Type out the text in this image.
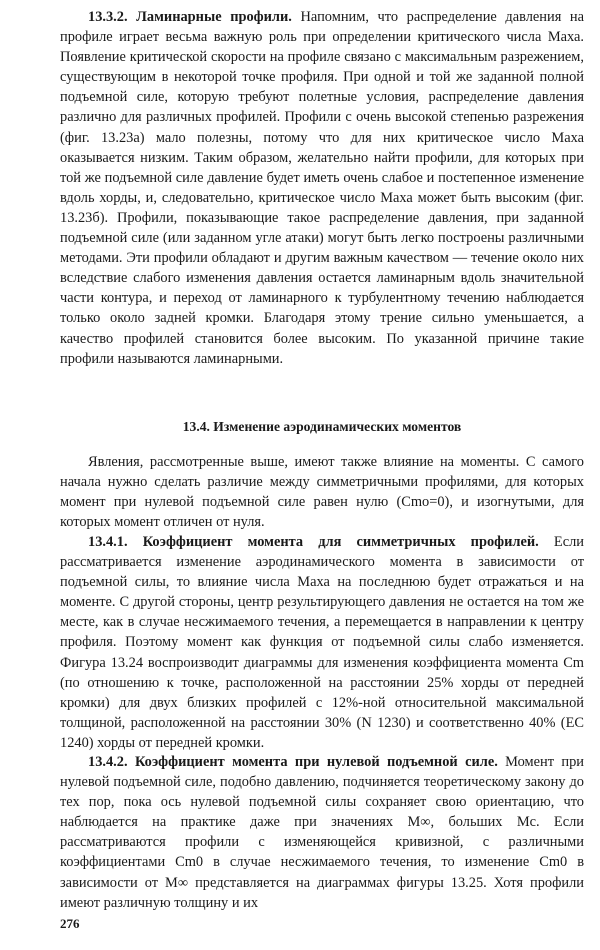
13.3.2. Ламинарные профили. Напомним, что распределение давления на профиле играет весьма важную роль при определении критического числа Маха. Появление критической скорости на профиле связано с максимальным разрежением, существующим в некоторой точке профиля. При одной и той же заданной полной подъемной силе, которую требуют полетные условия, распределение давления различно для различных профилей. Профили с очень высокой степенью разрежения (фиг. 13.23а) мало полезны, потому что для них критическое число Маха оказывается низким. Таким образом, желательно найти профили, для которых при той же подъемной силе давление будет иметь очень слабое и постепенное изменение вдоль хорды, и, следовательно, критическое число Маха может быть высоким (фиг. 13.23б). Профили, показывающие такое распределение давления, при заданной подъемной силе (или заданном угле атаки) могут быть легко построены различными методами. Эти профили обладают и другим важным качеством — течение около них вследствие слабого изменения давления остается ламинарным вдоль значительной части контура, и переход от ламинарного к турбулентному течению наблюдается только около задней кромки. Благодаря этому трение сильно уменьшается, а качество профилей становится более высоким. По указанной причине такие профили называются ламинарными.

13.4. Изменение аэродинамических моментов

Явления, рассмотренные выше, имеют также влияние на моменты. С самого начала нужно сделать различие между симметричными профилями, для которых момент при нулевой подъемной силе равен нулю (Cmo=0), и изогнутыми, для которых момент отличен от нуля.

13.4.1. Коэффициент момента для симметричных профилей. Если рассматривается изменение аэродинамического момента в зависимости от подъемной силы, то влияние числа Маха на последнюю будет отражаться и на моменте. С другой стороны, центр результирующего давления не остается на том же месте, как в случае несжимаемого течения, а перемещается в направлении к центру профиля. Поэтому момент как функция от подъемной силы слабо изменяется. Фигура 13.24 воспроизводит диаграммы для изменения коэффициента момента Cm (по отношению к точке, расположенной на расстоянии 25% хорды от передней кромки) для двух близких профилей с 12%-ной относительной максимальной толщиной, расположенной на расстоянии 30% (N 1230) и соответственно 40% (ЕС 1240) хорды от передней кромки.

13.4.2. Коэффициент момента при нулевой подъемной силе. Момент при нулевой подъемной силе, подобно давлению, подчиняется теоретическому закону до тех пор, пока ось нулевой подъемной силы сохраняет свою ориентацию, что наблюдается на практике даже при значениях M∞, больших Mc. Если рассматриваются профили с изменяющейся кривизной, с различными коэффициентами Cm0 в случае несжимаемого течения, то изменение Cm0 в зависимости от M∞ представляется на диаграммах фигуры 13.25. Хотя профили имеют различную толщину и их

276
